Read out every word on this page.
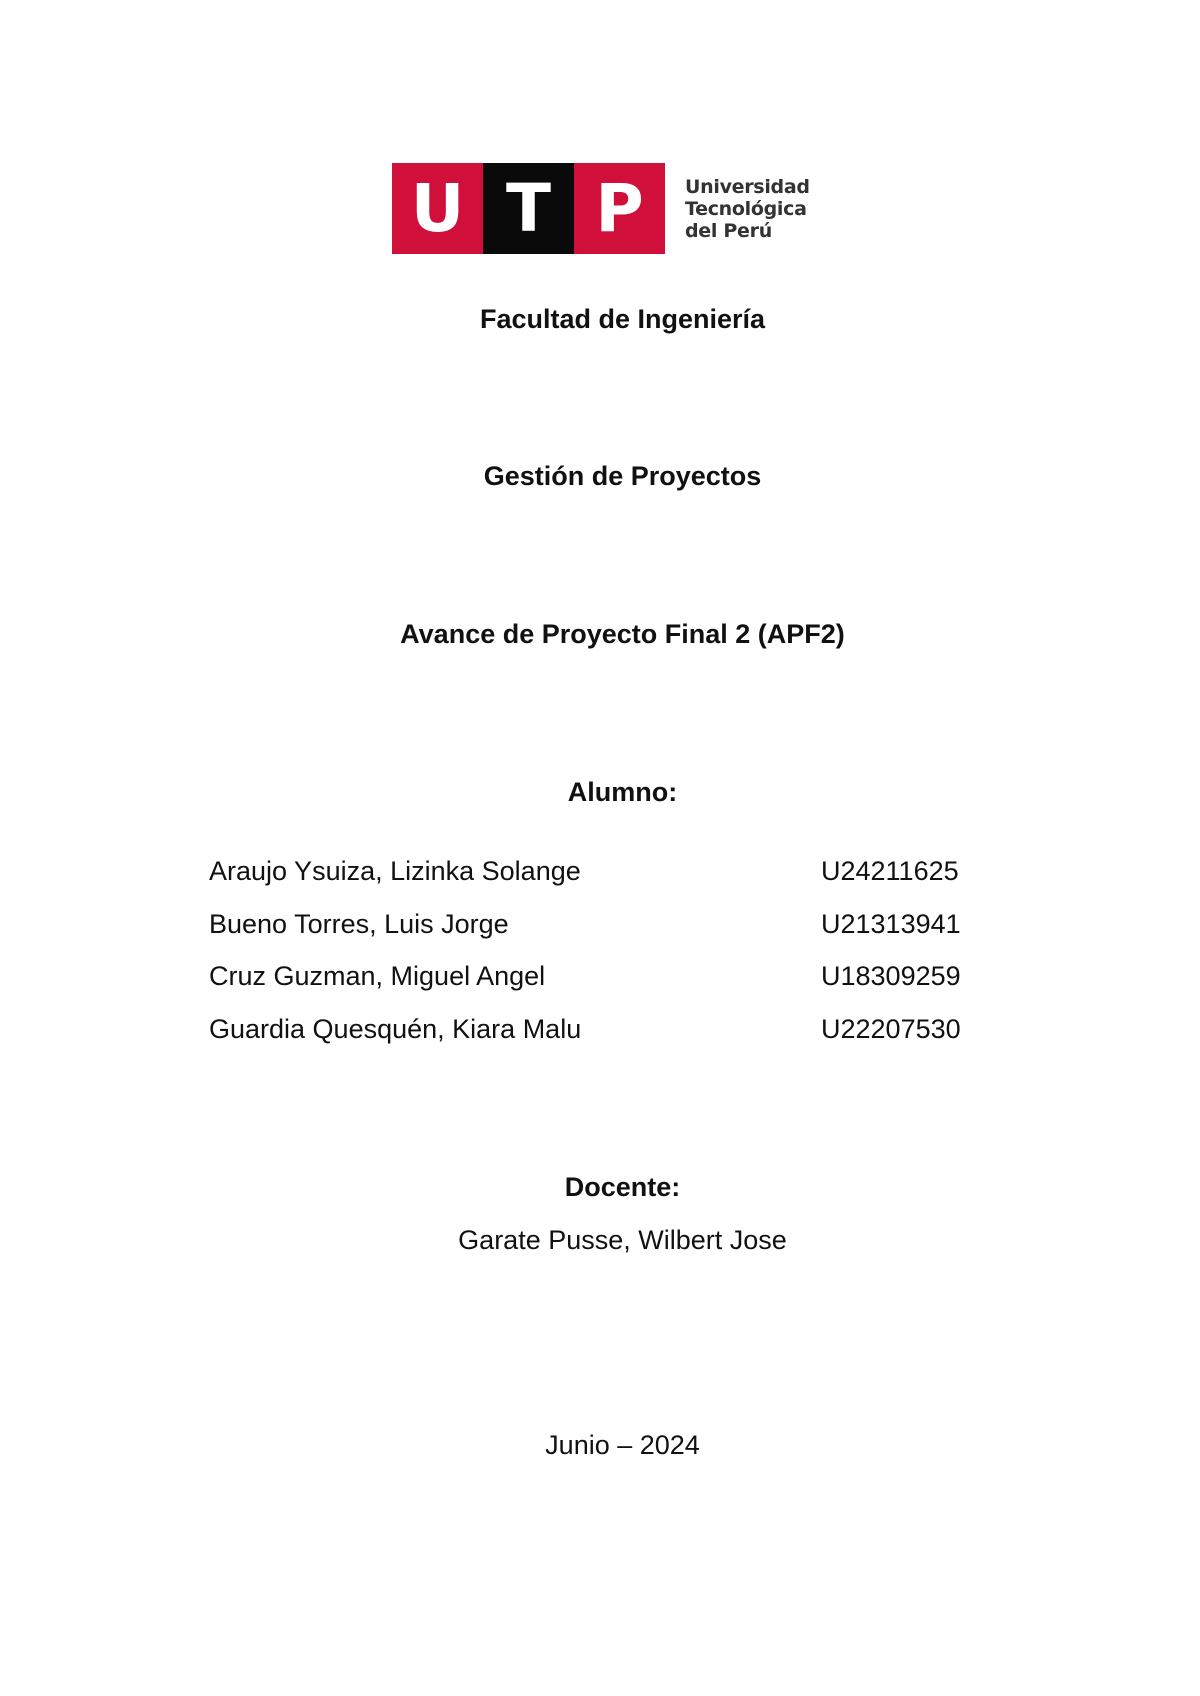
U T P	Universidad
Tecnológica
del Perú
Facultad de Ingeniería
Gestión de Proyectos
Avance de Proyecto Final 2 (APF2)
Alumno:
Araujo Ysuiza, Lizinka Solange	U24211625
Bueno Torres, Luis Jorge	U21313941
Cruz Guzman, Miguel Angel	U18309259
Guardia Quesquén, Kiara Malu	U22207530
Docente:
Garate Pusse, Wilbert Jose
Junio – 2024
